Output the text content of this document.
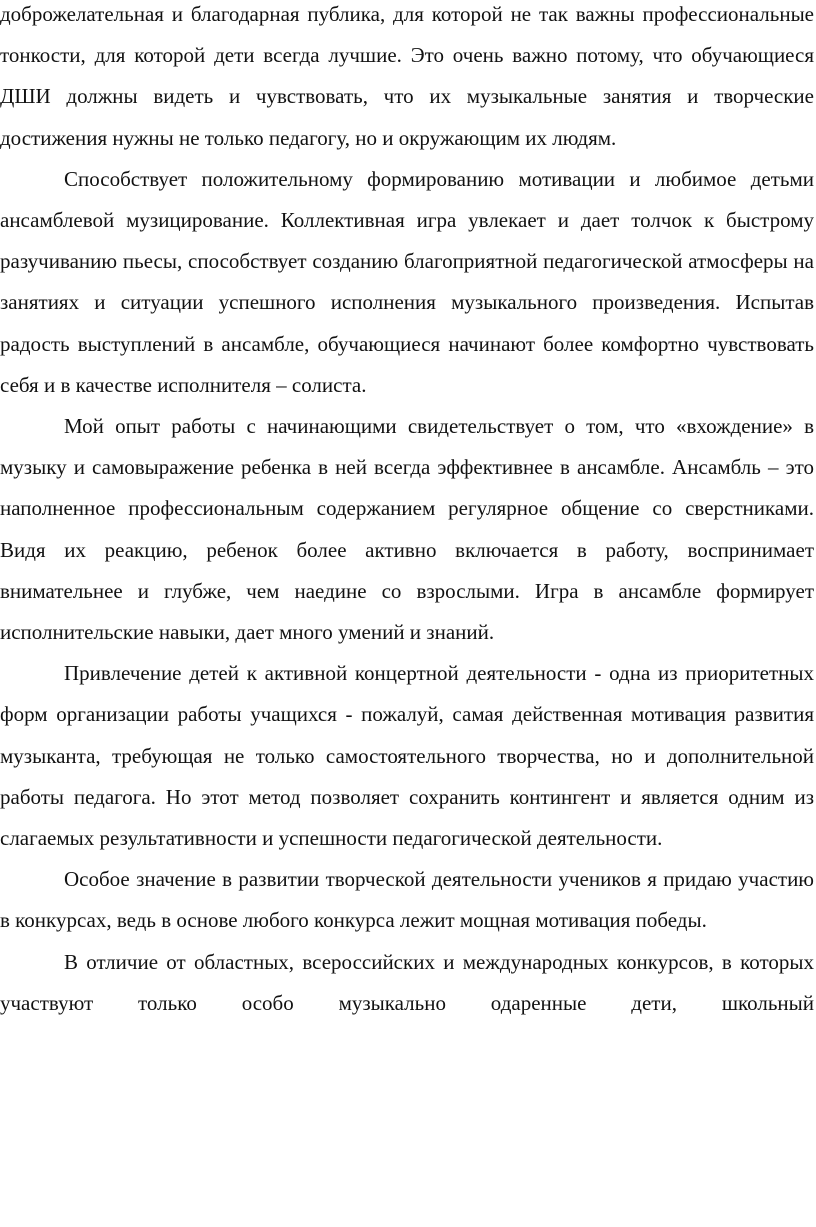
доброжелательная и благодарная публика, для которой не так важны профессиональные тонкости, для которой дети всегда лучшие. Это очень важно потому, что обучающиеся ДШИ должны видеть и чувствовать, что их музыкальные занятия и творческие достижения нужны не только педагогу, но и окружающим их людям.

Способствует положительному формированию мотивации и любимое детьми ансамблевой музицирование. Коллективная игра увлекает и дает толчок к быстрому разучиванию пьесы, способствует созданию благоприятной педагогической атмосферы на занятиях и ситуации успешного исполнения музыкального произведения. Испытав радость выступлений в ансамбле, обучающиеся начинают более комфортно чувствовать себя и в качестве исполнителя – солиста.

Мой опыт работы с начинающими свидетельствует о том, что «вхождение» в музыку и самовыражение ребенка в ней всегда эффективнее в ансамбле. Ансамбль – это наполненное профессиональным содержанием регулярное общение со сверстниками. Видя их реакцию, ребенок более активно включается в работу, воспринимает внимательнее и глубже, чем наедине со взрослыми. Игра в ансамбле формирует исполнительские навыки, дает много умений и знаний.

Привлечение детей к активной концертной деятельности - одна из приоритетных форм организации работы учащихся - пожалуй, самая действенная мотивация развития музыканта, требующая не только самостоятельного творчества, но и дополнительной работы педагога. Но этот метод позволяет сохранить контингент и является одним из слагаемых результативности и успешности педагогической деятельности.

Особое значение в развитии творческой деятельности учеников я придаю участию в конкурсах, ведь в основе любого конкурса лежит мощная мотивация победы.

В отличие от областных, всероссийских и международных конкурсов, в которых участвуют только особо музыкально одаренные дети, школьный
